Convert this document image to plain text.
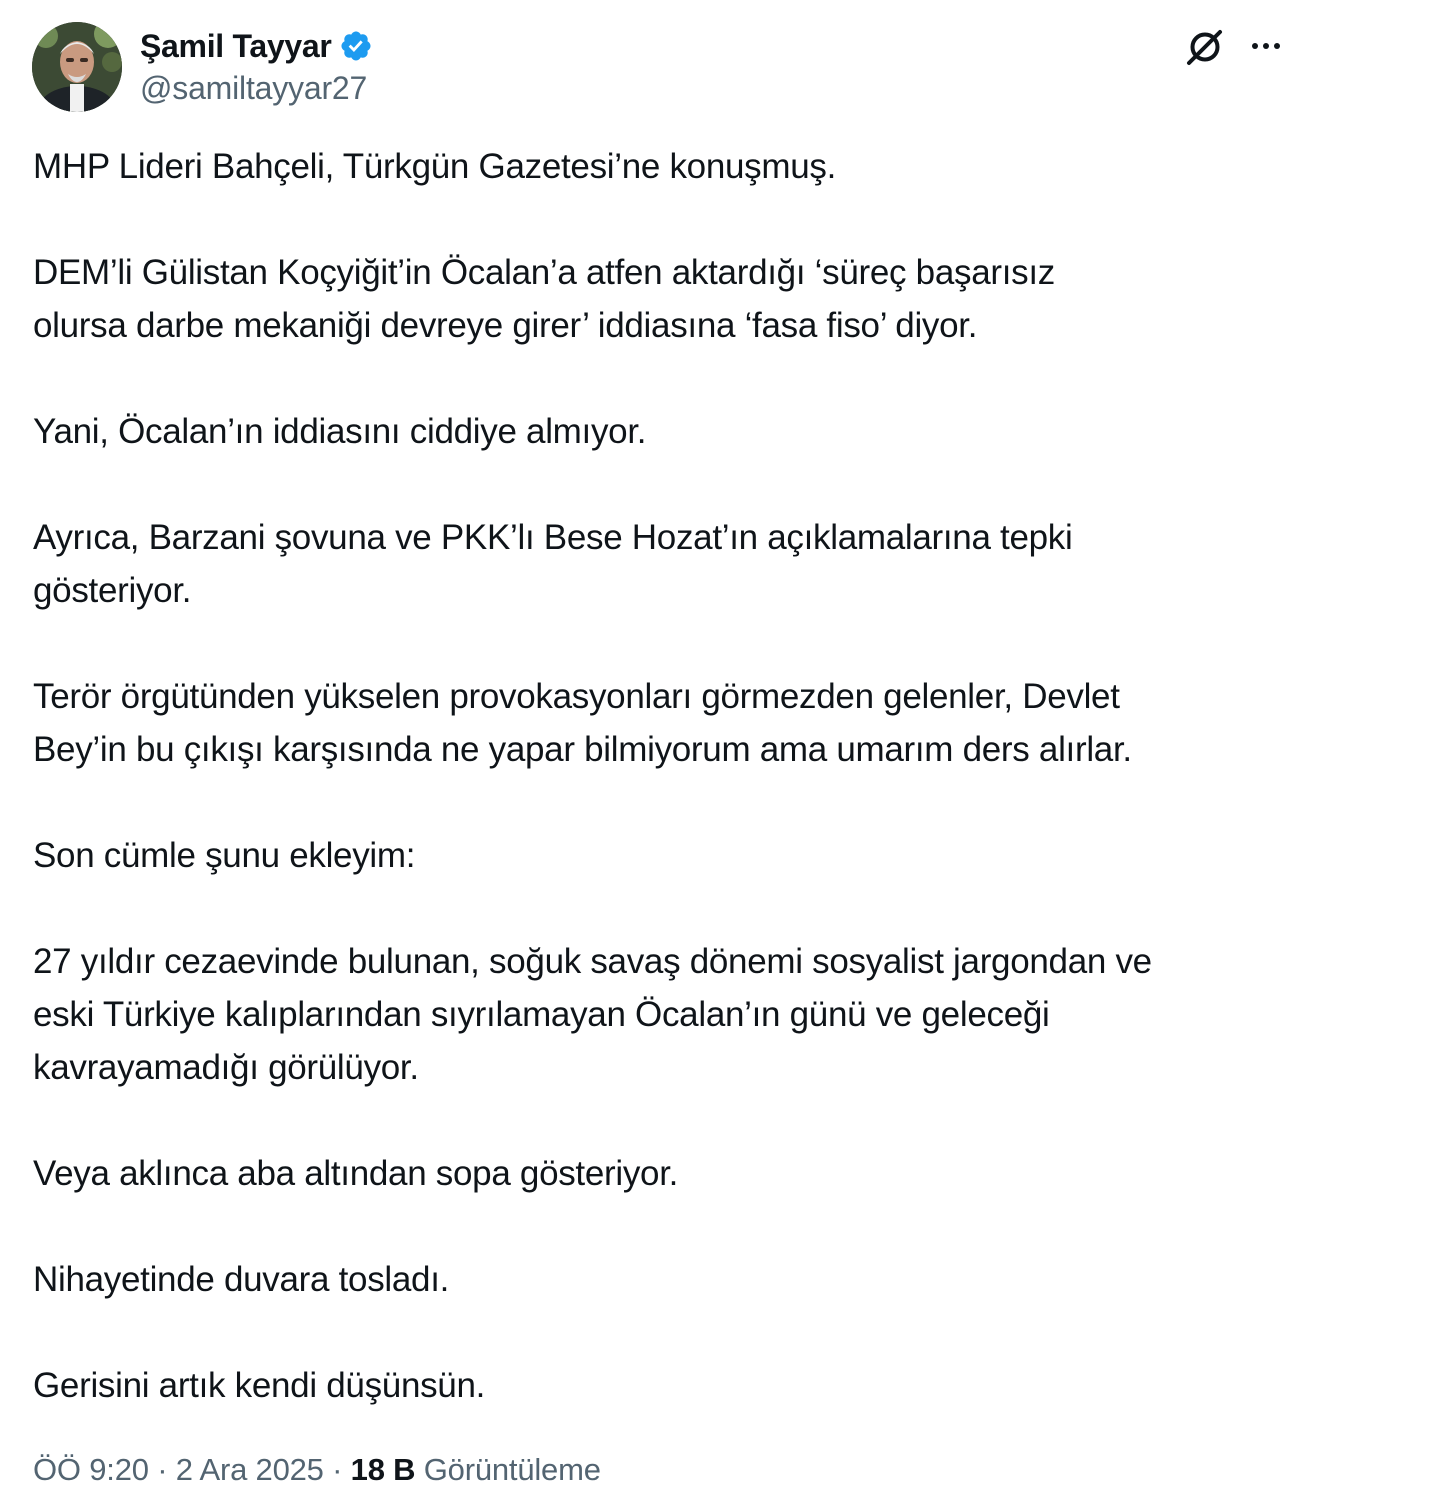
Şamil Tayyar
@samiltayyar27

MHP Lideri Bahçeli, Türkgün Gazetesi’ne konuşmuş.

DEM’li Gülistan Koçyiğit’in Öcalan’a atfen aktardığı ‘süreç başarısız
olursa darbe mekaniği devreye girer’ iddiasına ‘fasa fiso’ diyor.

Yani, Öcalan’ın iddiasını ciddiye almıyor.

Ayrıca, Barzani şovuna ve PKK’lı Bese Hozat’ın açıklamalarına tepki
gösteriyor.

Terör örgütünden yükselen provokasyonları görmezden gelenler, Devlet
Bey’in bu çıkışı karşısında ne yapar bilmiyorum ama umarım ders alırlar.

Son cümle şunu ekleyim:

27 yıldır cezaevinde bulunan, soğuk savaş dönemi sosyalist jargondan ve
eski Türkiye kalıplarından sıyrılamayan Öcalan’ın günü ve geleceği
kavrayamadığı görülüyor.

Veya aklınca aba altından sopa gösteriyor.

Nihayetinde duvara tosladı.

Gerisini artık kendi düşünsün.

ÖÖ 9:20 · 2 Ara 2025 · 18 B Görüntüleme
